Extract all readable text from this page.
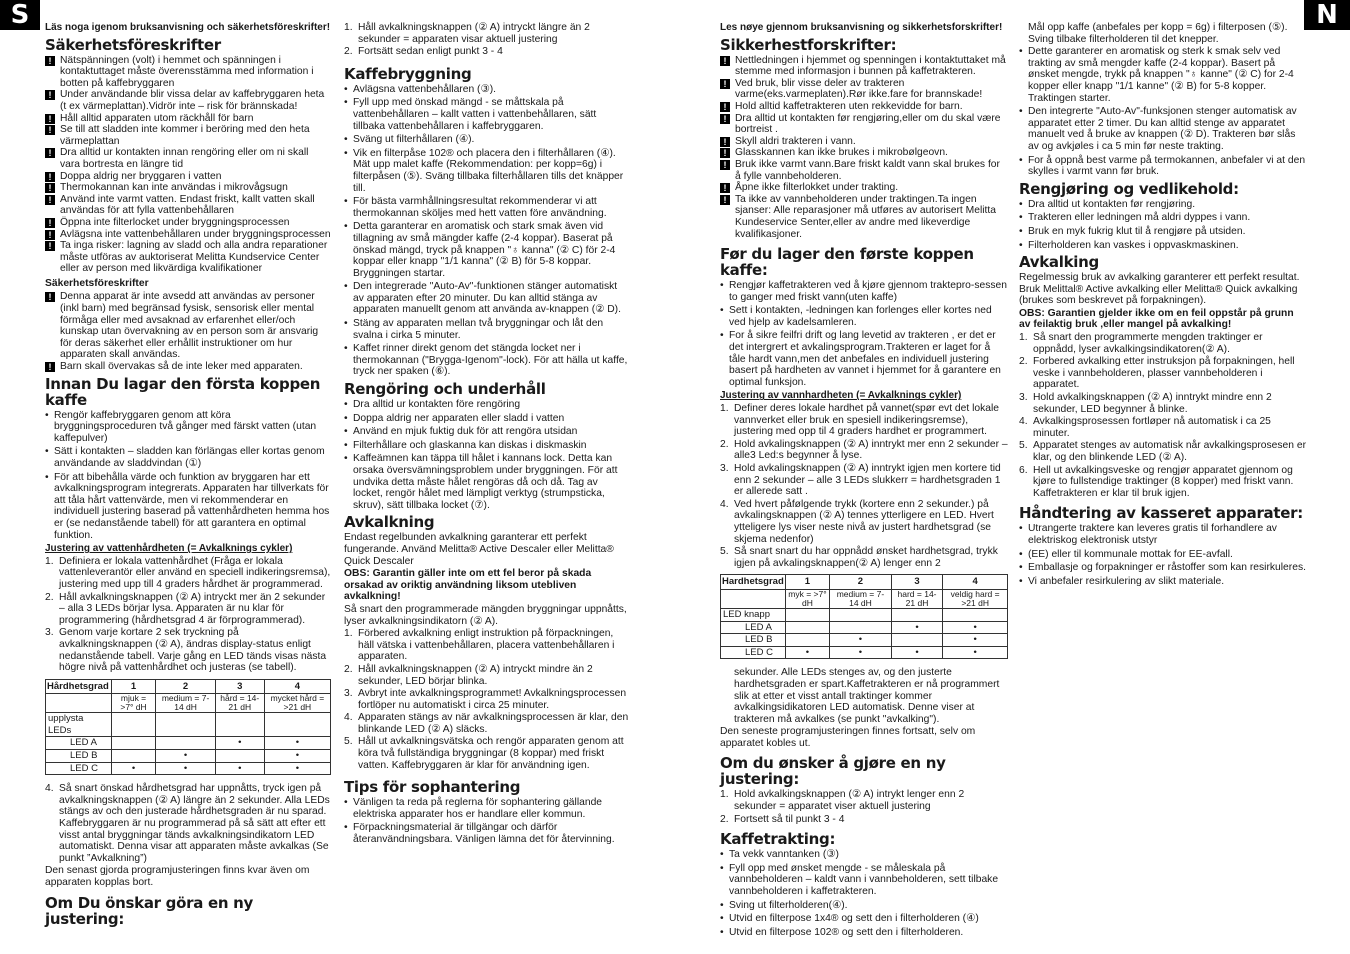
S	N

Läs noga igenom bruksanvisning och säkerhetsföreskrifter!

Säkerhetsföreskrifter
! Nätspänningen (volt) i hemmet och spänningen i kontaktuttaget måste överensstämma med information i botten på kaffebryggaren
! Under användande blir vissa delar av kaffebryggaren heta (t ex värmeplattan).Vidrör inte – risk för brännskada!
! Håll alltid apparaten utom räckhåll för barn
! Se till att sladden inte kommer i beröring med den heta värmeplattan
! Dra alltid ur kontakten innan rengöring eller om ni skall vara bortresta en längre tid
! Doppa aldrig ner bryggaren i vatten
! Thermokannan kan inte användas i mikrovågsugn
! Använd inte varmt vatten. Endast friskt, kallt vatten skall användas för att fylla vattenbehållaren
! Öppna inte filterlocket under bryggningsprocessen
! Avlägsna inte vattenbehållaren under bryggningsprocessen
! Ta inga risker: lagning av sladd och alla andra reparationer måste utföras av auktoriserat Melitta Kundservice Center eller av person med likvärdiga kvalifikationer
Säkerhetsföreskrifter
! Denna apparat är inte avsedd att användas av personer (inkl barn) med begränsad fysisk, sensorisk eller mental förmåga eller med avsaknad av erfarenhet eller/och kunskap utan övervakning av en person som är ansvarig för deras säkerhet eller erhållit instruktioner om hur apparaten skall användas.
! Barn skall övervakas så de inte leker med apparaten.
Innan Du lagar den första koppen kaffe
• Rengör kaffebryggaren genom att köra bryggningsproceduren två gånger med färskt vatten (utan kaffepulver)
• Sätt i kontakten – sladden kan förlängas eller kortas genom användande av sladdvindan (①)
• För att bibehålla värde och funktion av bryggaren har ett avkalkningsprogram integrerats. Apparaten har tillverkats för att tåla hårt vattenvärde, men vi rekommenderar en individuell justering baserad på vattenhårdheten hemma hos er (se nedanstående tabell) för att garantera en optimal funktion.

Justering av vattenhårdheten (= Avkalknings cykler)

1. Definiera er lokala vattenhårdhet (Fråga er lokala vattenleverantör eller använd en speciell indikeringsremsa), justering med upp till 4 graders hårdhet är programmerad.
2. Håll avkalkningsknappen (② A) intryckt mer än 2 sekunder – alla 3 LEDs börjar lysa. Apparaten är nu klar för programmering (hårdhetsgrad 4 är förprogrammerad).
3. Genom varje kortare 2 sek tryckning på avkalkningsknappen (② A), ändras display-status enligt nedanstående tabell. Varje gång en LED tänds visas nästa högre nivå på vattenhårdhet och justeras (se tabell).
Hårdhetsgrad	1	2	3	4
	mjuk = >7° dH	medium = 7-14 dH	hård = 14-21 dH	mycket hård = >21 dH
upplysta LEDs				
LED A			•	•
LED B		•		•
LED C	•	•	•	•
4. Så snart önskad hårdhetsgrad har uppnåtts, tryck igen på avkalkningsknappen (② A) längre än 2 sekunder. Alla LEDs stängs av och den justerade hårdhetsgraden är nu sparad. Kaffebryggaren är nu programmerad på så sätt att efter ett visst antal bryggningar tänds avkalkningsindikatorn LED automatiskt. Denna visar att apparaten måste avkalkas (Se punkt ”Avkalkning”)

Den senast gjorda programjusteringen finns kvar även om apparaten kopplas bort.

Om Du önskar göra en ny justering:
1. Håll avkalkningsknappen (② A) intryckt längre än 2 sekunder = apparaten visar aktuell justering
2. Fortsätt sedan enligt punkt 3 - 4
Kaffebryggning
• Avlägsna vattenbehållaren (③).
• Fyll upp med önskad mängd - se måttskala på vattenbehållaren – kallt vatten i vattenbehållaren, sätt tillbaka vattenbehållaren i kaffebryggaren.
• Sväng ut filterhållaren (④).
• Vik en filterpåse 102® och placera den i filterhållaren (④). Mät upp malet kaffe (Rekommendation: per kopp=6g) i filterpåsen (⑤). Sväng tillbaka filterhållaren tills det knäpper till.
• För bästa varmhållningsresultat rekommenderar vi att thermokannan sköljes med hett vatten före användning.
• Detta garanterar en aromatisk och stark smak även vid tillagning av små mängder kaffe (2-4 koppar). Baserat på önskad mängd, tryck på knappen "♁ kanna" (② C) för 2-4 koppar eller knapp "1/1 kanna" (② B) för 5-8 koppar. Bryggningen startar.
• Den integrerade "Auto-Av"-funktionen stänger automatiskt av apparaten efter 20 minuter. Du kan alltid stänga av apparaten manuellt genom att använda av-knappen (② D).
• Stäng av apparaten mellan två bryggningar och låt den svalna i cirka 5 minuter.
• Kaffet rinner direkt genom det stängda locket ner i thermokannan ("Brygga-Igenom"-lock). För att hälla ut kaffe, tryck ner spaken (⑥).
Rengöring och underhåll
• Dra alltid ur kontakten före rengöring
• Doppa aldrig ner apparaten eller sladd i vatten
• Använd en mjuk fuktig duk för att rengöra utsidan
• Filterhållare och glaskanna kan diskas i diskmaskin
• Kaffeämnen kan täppa till hålet i kannans lock. Detta kan orsaka översvämningsproblem under bryggningen. För att undvika detta måste hålet rengöras då och då. Tag av locket, rengör hålet med lämpligt verktyg (strumpsticka, skruv), sätt tillbaka locket (⑦).
Avkalkning

Endast regelbunden avkalkning garanterar ett perfekt fungerande. Använd Melitta® Active Descaler eller Melitta® Quick Descaler

OBS: Garantin gäller inte om ett fel beror på skada orsakad av oriktig användning liksom utebliven avkalkning!

Så snart den programmerade mängden bryggningar uppnåtts, lyser avkalkningsindikatorn (② A).

1. Förbered avkalkning enligt instruktion på förpackningen, häll vätska i vattenbehållaren, placera vattenbehållaren i apparaten.
2. Håll avkalkningsknappen (② A) intryckt mindre än 2 sekunder, LED börjar blinka.
3. Avbryt inte avkalkningsprogrammet! Avkalkningsprocessen fortlöper nu automatiskt i circa 25 minuter.
4. Apparaten stängs av när avkalkningsprocessen är klar, den blinkande LED (② A) släcks.
5. Håll ut avkalkningsvätska och rengör apparaten genom att köra två fullständiga bryggningar (8 koppar) med friskt vatten. Kaffebryggaren är klar för användning igen.
Tips för sophantering
• Vänligen ta reda på reglerna för sophantering gällande elektriska apparater hos er handlare eller kommun.
• Förpackningsmaterial är tillgängar och därför återanvändningsbara. Vänligen lämna det för återvinning.

Les nøye gjennom bruksanvisning og sikkerhetsforskrifter!

Sikkerhestforskrifter:
! Nettledningen i hjemmet og spenningen i kontaktuttaket må stemme med informasjon i bunnen på kaffetrakteren.
! Ved bruk, blir visse deler av trakteren varme(eks.varmeplaten).Rør ikke.fare for brannskade!
! Hold alltid kaffetrakteren uten rekkevidde for barn.
! Dra alltid ut kontakten før rengjøring,eller om du skal være bortreist .
! Skyll aldri trakteren i vann.
! Glasskannen kan ikke brukes i mikrobølgeovn.
! Bruk ikke varmt vann.Bare friskt kaldt vann skal brukes for å fylle vannbeholderen.
! Åpne ikke filterlokket under trakting.
! Ta ikke av vannbeholderen under traktingen.Ta ingen sjanser: Alle reparasjoner må utføres av autorisert Melitta Kundeservice Senter,eller av andre med likeverdige kvalifikasjoner.
Før du lager den første koppen kaffe:
• Rengjør kaffetrakteren ved å kjøre gjennom traktepro-sessen to ganger med friskt vann(uten kaffe)
• Sett i kontakten, -ledningen kan forlenges eller kortes ned ved hjelp av kadelsamleren.
• For å sikre feilfri drift og lang levetid av trakteren , er det er det intergrert et avkalingsprogram.Trakteren er laget for å tåle hardt vann,men det anbefales en individuell justering basert på hardheten av vannet i hjemmet for å garantere en optimal funksjon.

Justering av vannhardheten (= Avkalknings cykler)

1. Definer deres lokale hardhet på vannet(spør evt det lokale vannverket eller bruk en spesiell indikeringsremse), justering med opp til 4 graders hardhet er programmert.
2. Hold avkalingsknappen (② A) inntrykt mer enn 2 sekunder – alle3 Led:s begynner å lyse.
3. Hold avkalingsknappen (② A) inntrykt igjen men kortere tid enn 2 sekunder – alle 3 LEDs slukkerr = hardhetsgraden 1 er allerede satt .
4. Ved hvert påfølgende trykk (kortere enn 2 sekunder.) på avkalingsknappen (② A) tennes ytterligere en LED. Hvert ytteligere lys viser neste nivå av justert hardhetsgrad (se skjema nedenfor)
5. Så snart snart du har oppnådd ønsket hardhetsgrad, trykk igjen på avkalingsknappen(② A) lenger enn 2
Hardhetsgrad	1	2	3	4
	myk = >7° dH	medium = 7-14 dH	hard = 14-21 dH	veldig hard = >21 dH
LED knapp				
LED A			•	•
LED B		•		•
LED C	•	•	•	•

sekunder. Alle LEDs stenges av, og den justerte hardhetsgraden er spart.Kaffetrakteren er nå programmert slik at etter et visst antall traktinger kommer avkalkingsidikatoren LED automatisk. Denne viser at trakteren må avkalkes (se punkt "avkalking").

Den seneste programjusteringen finnes fortsatt, selv om apparatet kobles ut.

Om du ønsker å gjøre en ny justering:
1. Hold avkalkingsknappen (② A) intrykt lenger enn 2 sekunder = apparatet viser aktuell justering
2. Fortsett så til punkt 3 - 4
Kaffetrakting:
• Ta vekk vanntanken (③)
• Fyll opp med ønsket mengde - se måleskala på vannbeholderen – kaldt vann i vannbeholderen, sett tilbake vannbeholderen i kaffetrakteren.
• Sving ut filterholderen(④).
• Utvid en filterpose 1x4® og sett den i filterholderen (④)
• Utvid en filterpose 102® og sett den i filterholderen.

Mål opp kaffe (anbefales per kopp = 6g) i filterposen (⑤). Sving tilbake filterholderen til det knepper.

• Dette garanterer en aromatisk og sterk k smak selv ved trakting av små mengder kaffe (2-4 koppar). Basert på ønsket mengde, trykk på knappen "♁ kanne" (② C) for 2-4 kopper eller knapp "1/1 kanne" (② B) for 5-8 kopper. Traktingen starter.
• Den integrerte "Auto-Av"-funksjonen stenger automatisk av apparatet etter 2 timer. Du kan alltid stenge av apparatet manuelt ved å bruke av knappen (② D). Trakteren bør slås av og avkjøles i ca 5 min før neste trakting.
• For å oppnå best varme på termokannen, anbefaler vi at den skylles i varmt vann før bruk.
Rengjøring og vedlikehold:
• Dra alltid ut kontakten før rengjøring.
• Trakteren eller ledningen må aldri dyppes i vann.
• Bruk en myk fukrig klut til å rengjøre på utsiden.
• Filterholderen kan vaskes i oppvaskmaskinen.
Avkalking

Regelmessig bruk av avkalking garanterer ett perfekt resultat. Bruk Melittal® Active avkalking eller Melitta® Quick avkalking (brukes som beskrevet på forpakningen).

OBS: Garantien gjelder ikke om en feil oppstår på grunn av feilaktig bruk ,eller mangel på avkalking!

1. Så snart den programmerte mengden traktinger er oppnådd, lyser avkalkingsindikatoren(② A).
2. Forbered avkalking etter instruksjon på forpakningen, hell veske i vannbeholderen, plasser vannbeholderen i apparatet.
3. Hold avkalkingsknappen (② A) inntrykt mindre enn 2 sekunder, LED begynner å blinke.
4. Avkalkingsprosessen fortløper nå automatisk i ca 25 minuter.
5. Apparatet stenges av automatisk når avkalkingsprosesen er klar, og den blinkende LED (② A).
6. Hell ut avkalkingsveske og rengjør apparatet gjennom og kjøre to fullstendige traktinger (8 kopper) med friskt vann. Kaffetrakteren er klar til bruk igjen.
Håndtering av kasseret apparater:
• Utrangerte traktere kan leveres gratis til forhandlere av elektriskog elektronisk utstyr
• (EE) eller til kommunale mottak for EE-avfall.
• Emballasje og forpakninger er råstoffer som kan resirkuleres.
• Vi anbefaler resirkulering av slikt materiale.
